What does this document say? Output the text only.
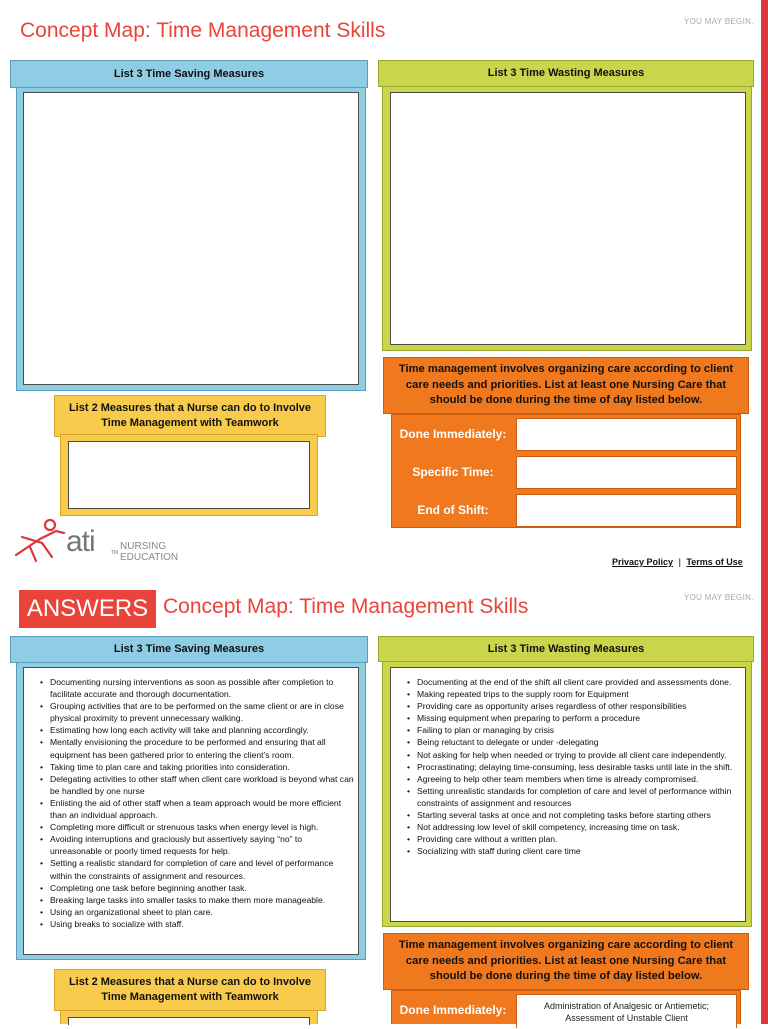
Concept Map: Time Management Skills	YOU MAY BEGIN.
List 3 Time Saving Measures	List 3 Time Wasting Measures
List 2 Measures that a Nurse can do to Involve
Time Management with Teamwork
Time management involves organizing care according to client
care needs and priorities. List at least one Nursing Care that
should be done during the time of day listed below.
Done Immediately:
Specific Time:
End of Shift:
ati	TM
NURSING
EDUCATION	Privacy Policy | Terms of Use
ANSWERS Concept Map: Time Management Skills	YOU MAY BEGIN.
• Documenting nursing interventions as soon as possible after completion to facilitate accurate and thorough documentation.
• Grouping activities that are to be performed on the same client or are in close physical proximity to prevent unnecessary walking.
• Estimating how long each activity will take and planning accordingly.
• Mentally envisioning the procedure to be performed and ensuring that all equipment has been gathered prior to entering the client’s room.
• Taking time to plan care and taking priorities into consideration.
• Delegating activities to other staff when client care workload is beyond what can be handled by one nurse
• Enlisting the aid of other staff when a team approach would be more efficient than an individual approach.
• Completing more difficult or strenuous tasks when energy level is high.
• Avoiding interruptions and graciously but assertively saying “no” to unreasonable or poorly timed requests for help.
• Setting a realistic standard for completion of care and level of performance within the constraints of assignment and resources.
• Completing one task before beginning another task.
• Breaking large tasks into smaller tasks to make them more manageable.
• Using an organizational sheet to plan care.
• Using breaks to socialize with staff.
List 3 Time Saving Measures
• Documenting at the end of the shift all client care provided and assessments done.
• Making repeated trips to the supply room for Equipment
• Providing care as opportunity arises regardless of other responsibilities
• Missing equipment when preparing to perform a procedure
• Failing to plan or managing by crisis
• Being reluctant to delegate or under -delegating
• Not asking for help when needed or trying to provide all client care independently.
• Procrastinating; delaying time-consuming, less desirable tasks until late in the shift.
• Agreeing to help other team members when time is already compromised.
• Setting unrealistic standards for completion of care and level of performance within constraints of assignment and resources
• Starting several tasks at once and not completing tasks before starting others
• Not addressing low level of skill competency, increasing time on task.
• Providing care without a written plan.
• Socializing with staff during client care time
List 3 Time Wasting Measures
List 2 Measures that a Nurse can do to Involve
Time Management with Teamwork
Time management involves organizing care according to client
care needs and priorities. List at least one Nursing Care that
should be done during the time of day listed below.
Done Immediately:	Administration of Analgesic or Antiemetic;
Assessment of Unstable Client
